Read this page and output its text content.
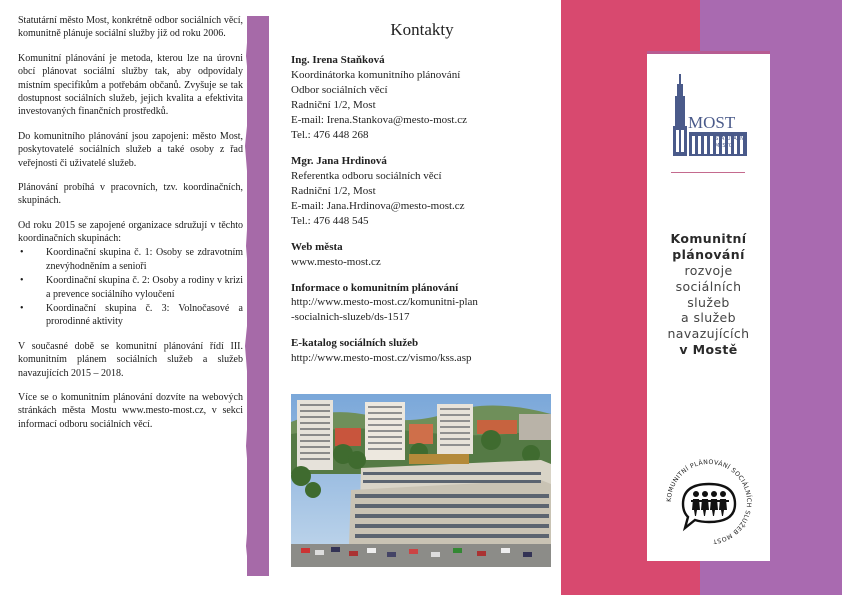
Statutární město Most, konkrétně odbor sociálních věcí, komunitně plánuje sociální služby již od roku 2006.

Komunitní plánování je metoda, kterou lze na úrovni obcí plánovat sociální služby tak, aby odpovídaly místním specifikům a potřebám občanů. Zvyšuje se tak dostupnost sociálních služeb, jejich kvalita a efektivita investovaných finančních prostředků.

Do komunitního plánování jsou zapojeni: město Most, poskytovatelé sociálních služeb a také osoby z řad veřejnosti či uživatelé služeb.

Plánování probíhá v pracovních, tzv. koordinačních, skupinách.

Od roku 2015 se zapojené organizace sdružují v těchto koordinačních skupinách:

• Koordinační skupina č. 1: Osoby se zdravotním znevýhodněním a senioři
• Koordinační skupina č. 2: Osoby a rodiny v krizi a prevence sociálního vyloučení
• Koordinační skupina č. 3: Volnočasové a prorodinné aktivity

V současné době se komunitní plánování řídí III. komunitním plánem sociálních služeb a služeb navazujících 2015 – 2018.

Více se o komunitním plánování dozvíte na webových stránkách města Mostu www.mesto-most.cz, v sekci informací odboru sociálních věcí.

Kontakty
Ing. Irena Staňková
Koordinátorka komunitního plánování
Odbor sociálních věcí
Radniční 1/2, Most
E-mail: Irena.Stankova@mesto-most.cz
Tel.: 476 448 268
Mgr. Jana Hrdinová
Referentka odboru sociálních věcí
Radniční 1/2, Most
E-mail: Jana.Hrdinova@mesto-most.cz
Tel.: 476 448 545
Web města
www.mesto-most.cz
Informace o komunitním plánování
http://www.mesto-most.cz/komunitni-plan
-socialnich-sluzeb/ds-1517
E-katalog sociálních služeb
http://www.mesto-most.cz/vismo/kss.asp
MOST
STATUTÁRNÍ
MĚSTO
Komunitní
plánování
rozvoje
sociálních
služeb
a služeb
navazujících
v Mostě
KOMUNITNÍ PLÁNOVÁNÍ SOCIÁLNÍCH SLUŽEB MOST
